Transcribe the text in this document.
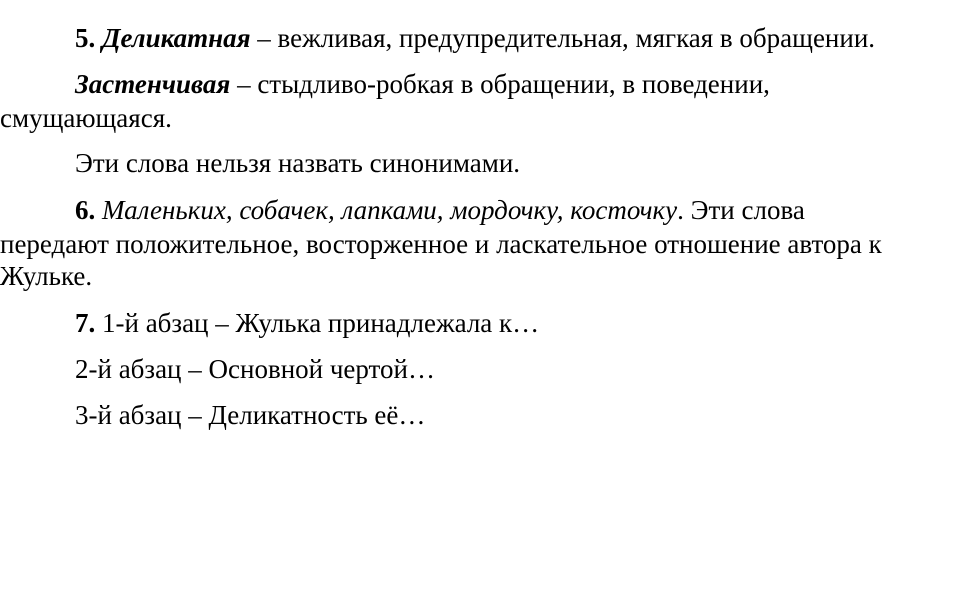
5. Деликатная – вежливая, предупредительная, мягкая в обращении.
Застенчивая – стыдливо-робкая в обращении, в поведении,
смущающаяся.
Эти слова нельзя назвать синонимами.
6. Маленьких, собачек, лапками, мордочку, косточку. Эти слова
передают положительное, восторженное и ласкательное отношение автора к
Жульке.
7. 1-й абзац – Жулька принадлежала к…
2-й абзац – Основной чертой…
3-й абзац – Деликатность её…
